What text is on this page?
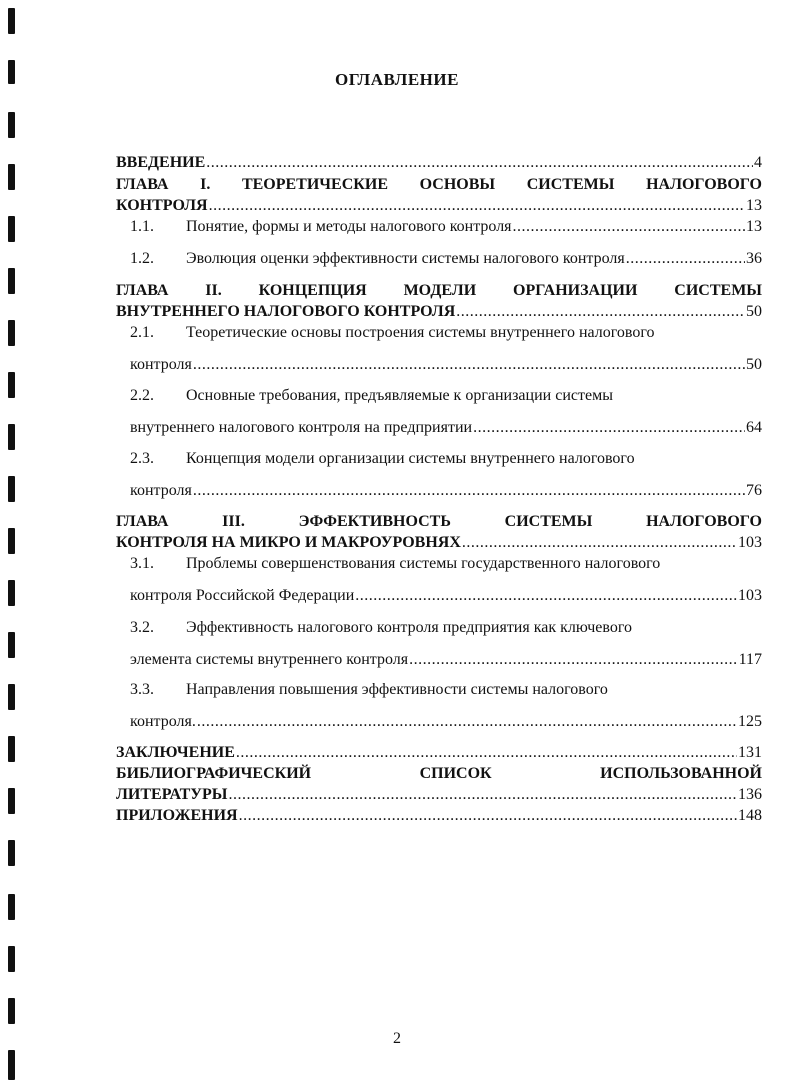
ОГЛАВЛЕНИЕ
ВВЕДЕНИЕ .....	4
ГЛАВА I. ТЕОРЕТИЧЕСКИЕ ОСНОВЫ СИСТЕМЫ НАЛОГОВОГО
КОНТРОЛЯ .....	13
1.1. Понятие, формы и методы налогового контроля .....	13
1.2. Эволюция оценки эффективности системы налогового контроля .....	36
ГЛАВА II. КОНЦЕПЦИЯ МОДЕЛИ ОРГАНИЗАЦИИ СИСТЕМЫ
ВНУТРЕННЕГО НАЛОГОВОГО КОНТРОЛЯ .....	50
2.1. Теоретические основы построения системы внутреннего налогового
контроля .....	50
2.2. Основные требования, предъявляемые к организации системы
внутреннего налогового контроля на предприятии .....	64
2.3. Концепция модели организации системы внутреннего налогового
контроля .....	76
ГЛАВА III. ЭФФЕКТИВНОСТЬ СИСТЕМЫ НАЛОГОВОГО
КОНТРОЛЯ НА МИКРО И МАКРОУРОВНЯХ .....	103
3.1. Проблемы совершенствования системы государственного налогового
контроля Российской Федерации .....	103
3.2. Эффективность налогового контроля предприятия как ключевого
элемента системы внутреннего контроля .....	117
3.3. Направления повышения эффективности системы налогового
контроля. .....	125
ЗАКЛЮЧЕНИЕ .....	131
БИБЛИОГРАФИЧЕСКИЙ СПИСОК ИСПОЛЬЗОВАННОЙ
ЛИТЕРАТУРЫ .....	136
ПРИЛОЖЕНИЯ .....	148
2
